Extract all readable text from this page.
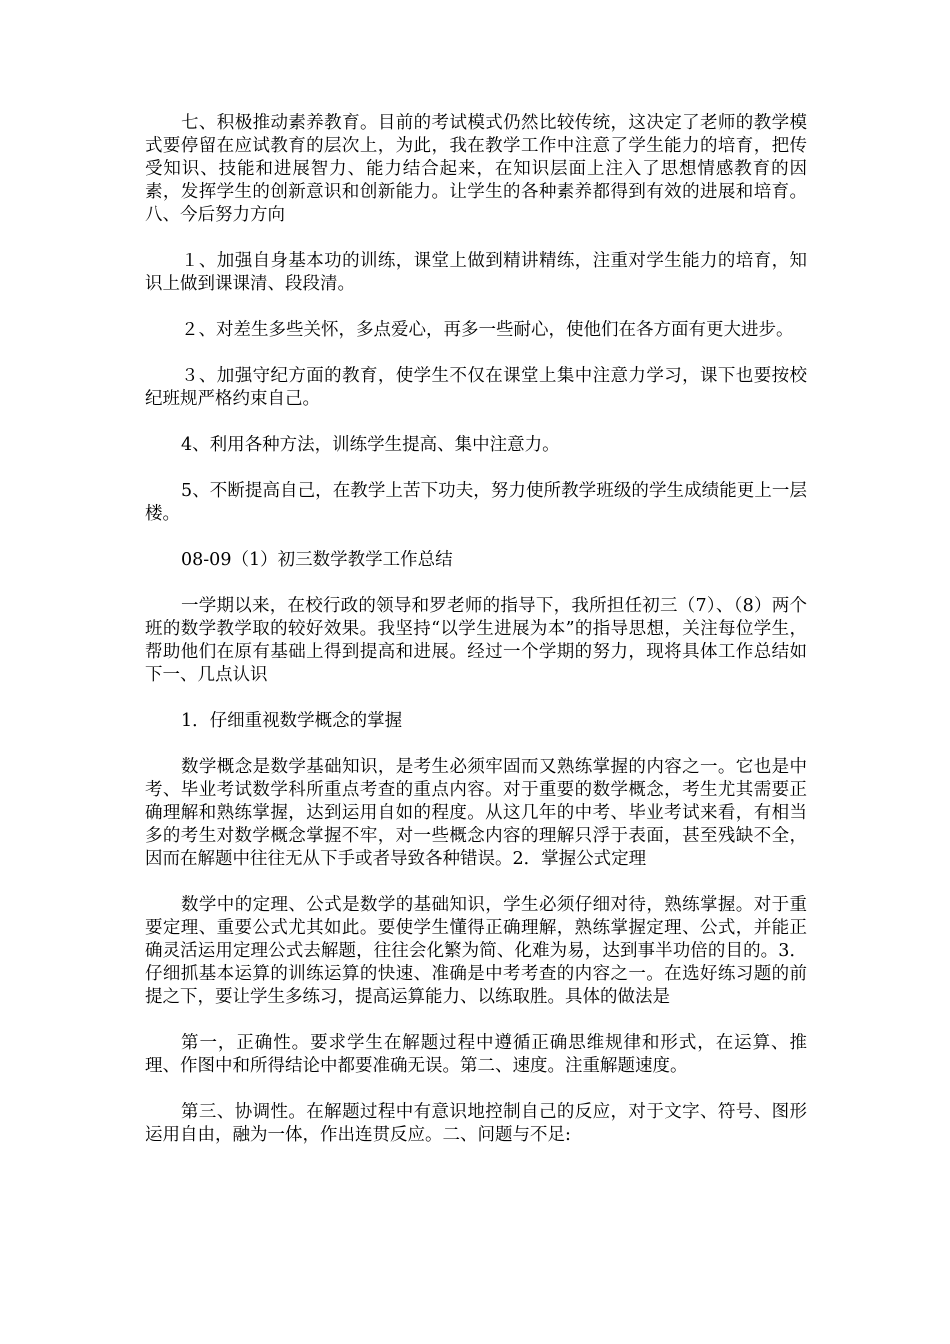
七、积极推动素养教育。目前的考试模式仍然比较传统，这决定了老师的教学模式要停留在应试教育的层次上，为此，我在教学工作中注意了学生能力的培育，把传受知识、技能和进展智力、能力结合起来，在知识层面上注入了思想情感教育的因素，发挥学生的创新意识和创新能力。让学生的各种素养都得到有效的进展和培育。八、今后努力方向

１、加强自身基本功的训练，课堂上做到精讲精练，注重对学生能力的培育，知识上做到课课清、段段清。

２、对差生多些关怀，多点爱心，再多一些耐心，使他们在各方面有更大进步。

３、加强守纪方面的教育，使学生不仅在课堂上集中注意力学习，课下也要按校纪班规严格约束自己。

4、利用各种方法，训练学生提高、集中注意力。

5、不断提高自己，在教学上苦下功夫，努力使所教学班级的学生成绩能更上一层楼。

08-09（1）初三数学教学工作总结

一学期以来，在校行政的领导和罗老师的指导下，我所担任初三（7）、（8）两个班的数学教学取的较好效果。我坚持“以学生进展为本”的指导思想，关注每位学生，帮助他们在原有基础上得到提高和进展。经过一个学期的努力，现将具体工作总结如下一、几点认识

1．仔细重视数学概念的掌握

数学概念是数学基础知识，是考生必须牢固而又熟练掌握的内容之一。它也是中考、毕业考试数学科所重点考查的重点内容。对于重要的数学概念，考生尤其需要正确理解和熟练掌握，达到运用自如的程度。从这几年的中考、毕业考试来看，有相当多的考生对数学概念掌握不牢，对一些概念内容的理解只浮于表面，甚至残缺不全，因而在解题中往往无从下手或者导致各种错误。2．掌握公式定理

数学中的定理、公式是数学的基础知识，学生必须仔细对待，熟练掌握。对于重要定理、重要公式尤其如此。要使学生懂得正确理解，熟练掌握定理、公式，并能正确灵活运用定理公式去解题，往往会化繁为简、化难为易，达到事半功倍的目的。3．仔细抓基本运算的训练运算的快速、准确是中考考查的内容之一。在选好练习题的前提之下，要让学生多练习，提高运算能力、以练取胜。具体的做法是

第一，正确性。要求学生在解题过程中遵循正确思维规律和形式，在运算、推理、作图中和所得结论中都要准确无误。第二、速度。注重解题速度。

第三、协调性。在解题过程中有意识地控制自己的反应，对于文字、符号、图形运用自由，融为一体，作出连贯反应。二、问题与不足:
